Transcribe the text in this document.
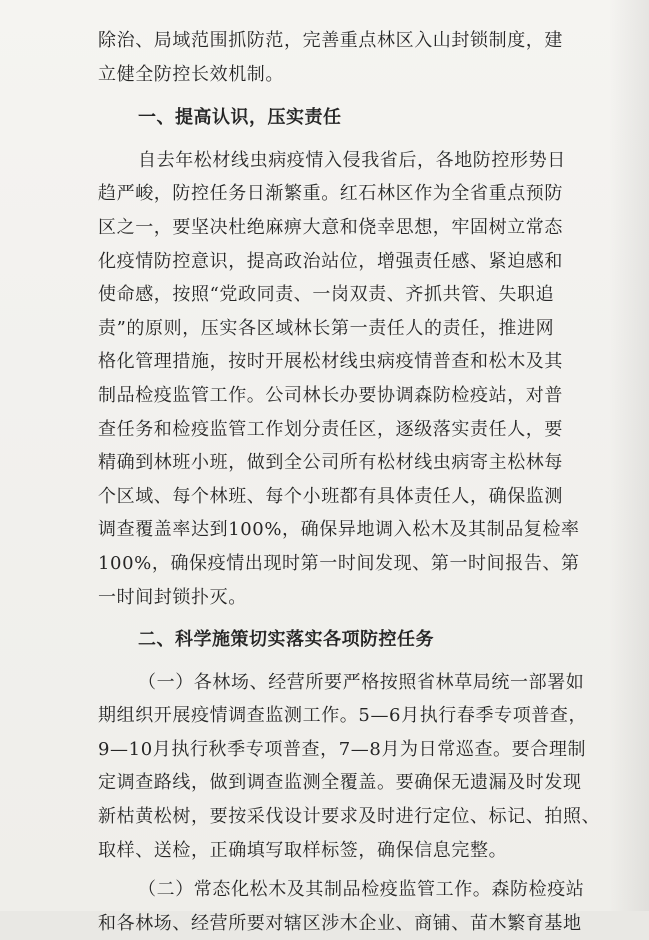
除治、局域范围抓防范，完善重点林区入山封锁制度，建
立健全防控长效机制。
一、提高认识，压实责任
自去年松材线虫病疫情入侵我省后，各地防控形势日
趋严峻，防控任务日渐繁重。红石林区作为全省重点预防
区之一，要坚决杜绝麻痹大意和侥幸思想，牢固树立常态
化疫情防控意识，提高政治站位，增强责任感、紧迫感和
使命感，按照“党政同责、一岗双责、齐抓共管、失职追
责”的原则，压实各区域林长第一责任人的责任，推进网
格化管理措施，按时开展松材线虫病疫情普查和松木及其
制品检疫监管工作。公司林长办要协调森防检疫站，对普
查任务和检疫监管工作划分责任区，逐级落实责任人，要
精确到林班小班，做到全公司所有松材线虫病寄主松林每
个区域、每个林班、每个小班都有具体责任人，确保监测
调查覆盖率达到100%，确保异地调入松木及其制品复检率
100%，确保疫情出现时第一时间发现、第一时间报告、第
一时间封锁扑灭。
二、科学施策切实落实各项防控任务
（一）各林场、经营所要严格按照省林草局统一部署如
期组织开展疫情调查监测工作。5—6月执行春季专项普查，
9—10月执行秋季专项普查，7—8月为日常巡查。要合理制
定调查路线，做到调查监测全覆盖。要确保无遗漏及时发现
新枯黄松树，要按采伐设计要求及时进行定位、标记、拍照、
取样、送检，正确填写取样标签，确保信息完整。
（二）常态化松木及其制品检疫监管工作。森防检疫站
和各林场、经营所要对辖区涉木企业、商铺、苗木繁育基地
